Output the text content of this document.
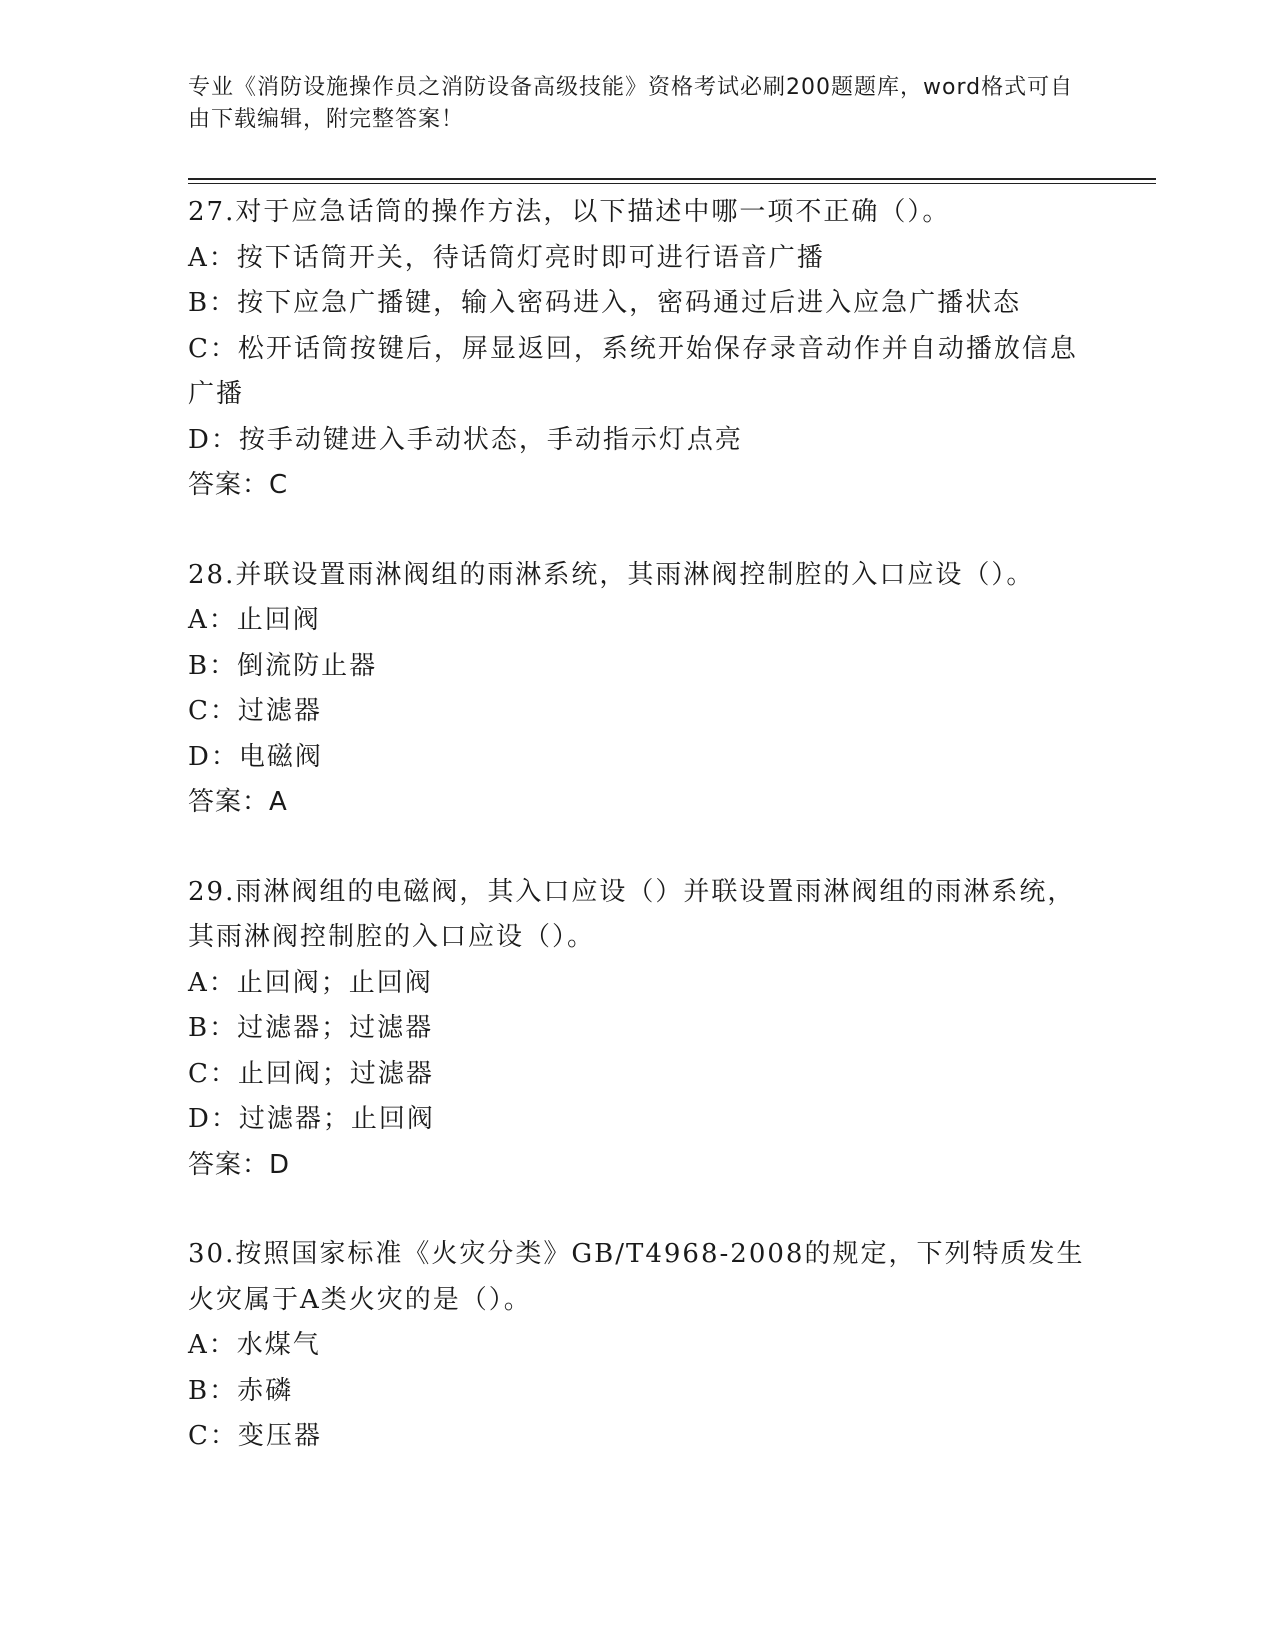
专业《消防设施操作员之消防设备高级技能》资格考试必刷200题题库，word格式可自由下载编辑，附完整答案！
27.对于应急话筒的操作方法，以下描述中哪一项不正确（）。
A：按下话筒开关，待话筒灯亮时即可进行语音广播
B：按下应急广播键，输入密码进入，密码通过后进入应急广播状态
C：松开话筒按键后，屏显返回，系统开始保存录音动作并自动播放信息广播
D：按手动键进入手动状态，手动指示灯点亮
答案：C
28.并联设置雨淋阀组的雨淋系统，其雨淋阀控制腔的入口应设（）。
A：止回阀
B：倒流防止器
C：过滤器
D：电磁阀
答案：A
29.雨淋阀组的电磁阀，其入口应设（）并联设置雨淋阀组的雨淋系统，其雨淋阀控制腔的入口应设（）。
A：止回阀；止回阀
B：过滤器；过滤器
C：止回阀；过滤器
D：过滤器；止回阀
答案：D
30.按照国家标准《火灾分类》GB/T4968-2008的规定，下列特质发生火灾属于A类火灾的是（）。
A：水煤气
B：赤磷
C：变压器
